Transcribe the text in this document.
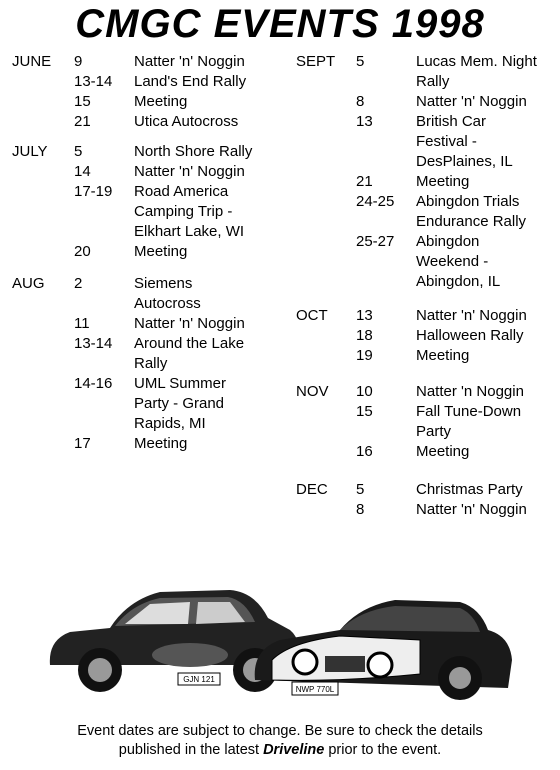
CMGC EVENTS 1998
JUNE 9	Natter 'n' Noggin
13-14 Land's End Rally
15	Meeting
21	Utica Autocross
JULY 5	North Shore Rally
14	Natter 'n' Noggin
17-19 Road America
Camping Trip -
Elkhart Lake, WI
20	Meeting
AUG 2	Siemens
Autocross
11	Natter 'n' Noggin
13-14 Around the Lake
Rally
14-16 UML Summer
Party - Grand
Rapids, MI
17	Meeting
SEPT 5	Lucas Mem. Night
Rally
8	Natter 'n' Noggin
13	British Car
Festival -
DesPlaines, IL
21	Meeting
24-25 Abingdon Trials
Endurance Rally
25-27 Abingdon
Weekend -
Abingdon, IL
OCT 13	Natter 'n' Noggin
18	Halloween Rally
19	Meeting
NOV 10	Natter 'n Noggin
15	Fall Tune-Down
Party
16	Meeting
DEC 5	Christmas Party
8	Natter 'n' Noggin
GJN 121
NWP 770L
Event dates are subject to change. Be sure to check the details
published in the latest Driveline prior to the event.
